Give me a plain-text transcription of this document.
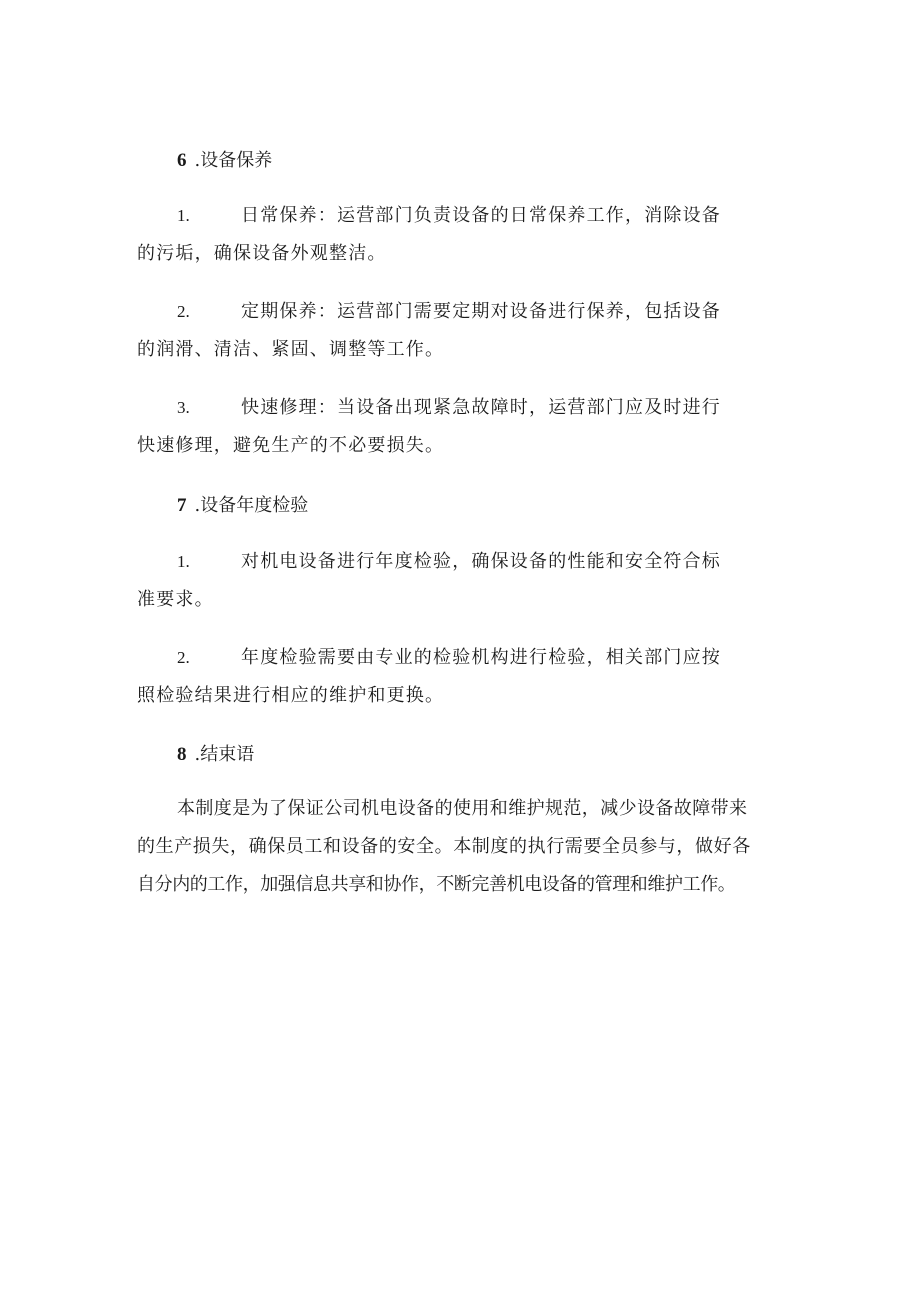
6 .设备保养
1.	日常保养：运营部门负责设备的日常保养工作，消除设备
的污垢，确保设备外观整洁。
2.	定期保养：运营部门需要定期对设备进行保养，包括设备
的润滑、清洁、紧固、调整等工作。
3.	快速修理：当设备出现紧急故障时，运营部门应及时进行
快速修理，避免生产的不必要损失。
7 .设备年度检验
1.	对机电设备进行年度检验，确保设备的性能和安全符合标
准要求。
2.	年度检验需要由专业的检验机构进行检验，相关部门应按
照检验结果进行相应的维护和更换。
8 .结束语
本制度是为了保证公司机电设备的使用和维护规范，减少设备故障带来
的生产损失，确保员工和设备的安全。本制度的执行需要全员参与，做好各
自分内的工作，加强信息共享和协作，不断完善机电设备的管理和维护工作。
